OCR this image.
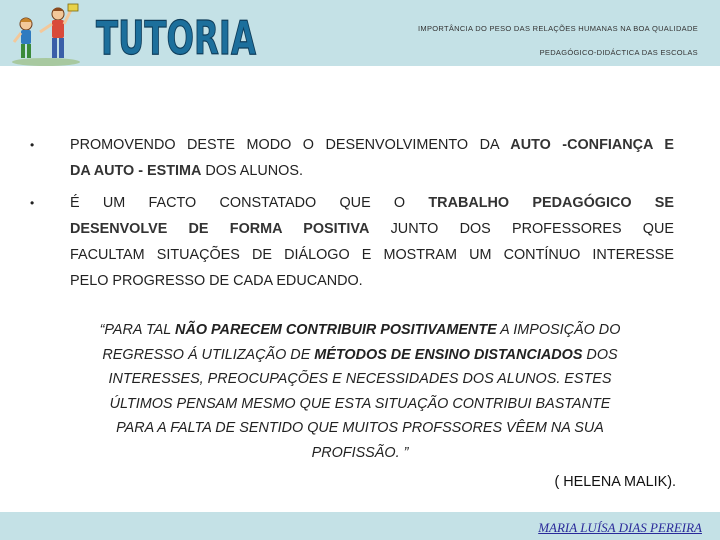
TUTORIA	IMPORTÂNCIA DO PESO DAS RELAÇÕES HUMANAS NA BOA QUALIDADE
PEDAGÓGICO-DIDÁCTICA DAS ESCOLAS
• PROMOVENDO DESTE MODO O DESENVOLVIMENTO DA AUTO -CONFIANÇA E
DA AUTO - ESTIMA DOS ALUNOS.
• É UM FACTO CONSTATADO QUE O TRABALHO PEDAGÓGICO SE
DESENVOLVE DE FORMA POSITIVA JUNTO DOS PROFESSORES QUE
FACULTAM SITUAÇÕES DE DIÁLOGO E MOSTRAM UM CONTÍNUO INTERESSE
PELO PROGRESSO DE CADA EDUCANDO.
“PARA TAL NÃO PARECEM CONTRIBUIR POSITIVAMENTE A IMPOSIÇÃO DO
REGRESSO Á UTILIZAÇÃO DE MÉTODOS DE ENSINO DISTANCIADOS DOS
INTERESSES, PREOCUPAÇÕES E NECESSIDADES DOS ALUNOS. ESTES
ÚLTIMOS PENSAM MESMO QUE ESTA SITUAÇÃO CONTRIBUI BASTANTE
PARA A FALTA DE SENTIDO QUE MUITOS PROFSSORES VÊEM NA SUA
PROFISSÃO. ”
( HELENA MALIK).
MARIA LUÍSA DIAS PEREIRA
